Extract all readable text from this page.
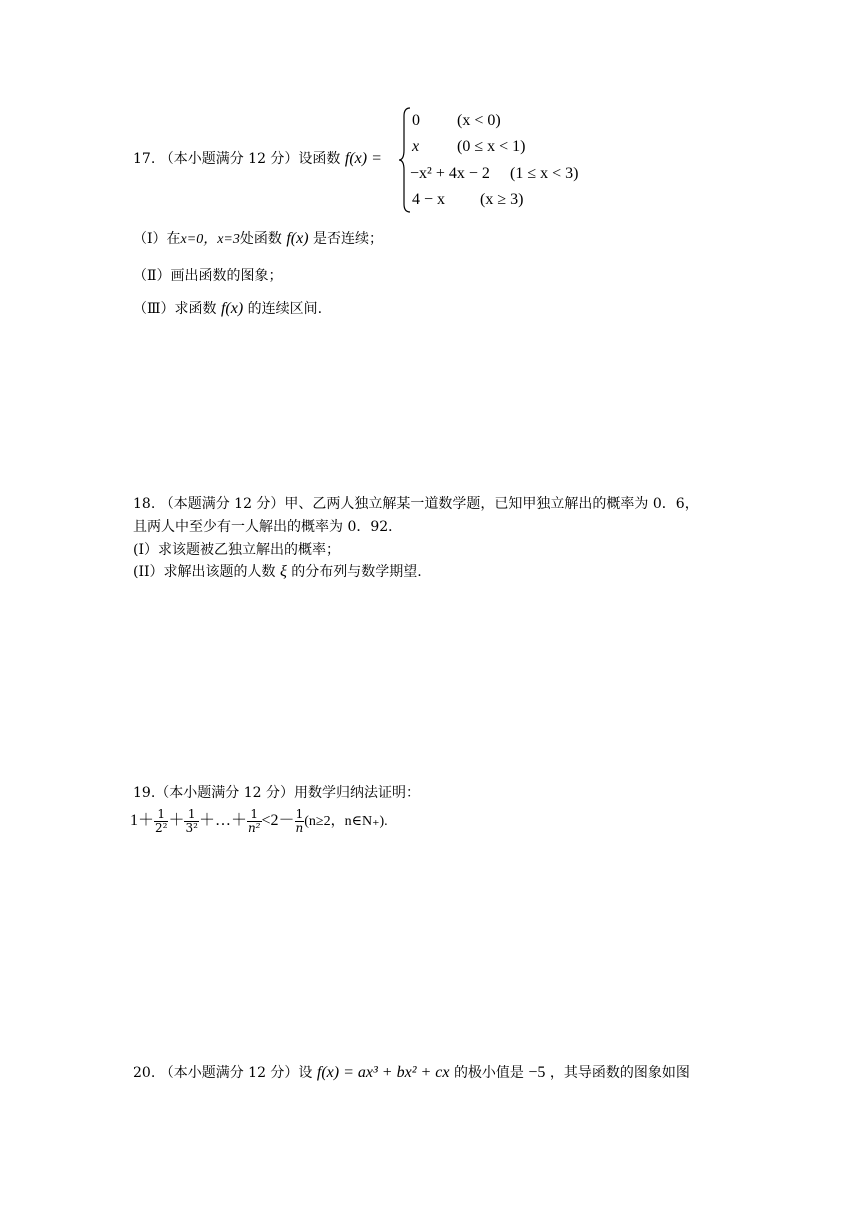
17. （本小题满分 12 分）设函数 f(x) =
0 (x < 0)
x (0 ≤ x < 1)
−x² + 4x − 2 (1 ≤ x < 3)
4 − x (x ≥ 3)
（Ⅰ）在x=0，x=3处函数 f(x) 是否连续；
（Ⅱ）画出函数的图象；
（Ⅲ）求函数 f(x) 的连续区间.
18. （本题满分 12 分）甲、乙两人独立解某一道数学题，已知甲独立解出的概率为 0．6，
且两人中至少有一人解出的概率为 0．92．
(I）求该题被乙独立解出的概率；
(II）求解出该题的人数 ξ 的分布列与数学期望.
19.（本小题满分 12 分）用数学归纳法证明：
$1+ \frac{1}{\text{2²}} + \frac{1}{\text{3²}}$ ＋…＋ $\frac{1}{\text{n²}} <2- \frac{1}{n} (n\ge 2$，n∈N₊).
20. （本小题满分 12 分）设 f(x) = ax³ + bx² + cx 的极小值是 −5 ，其导函数的图象如图
